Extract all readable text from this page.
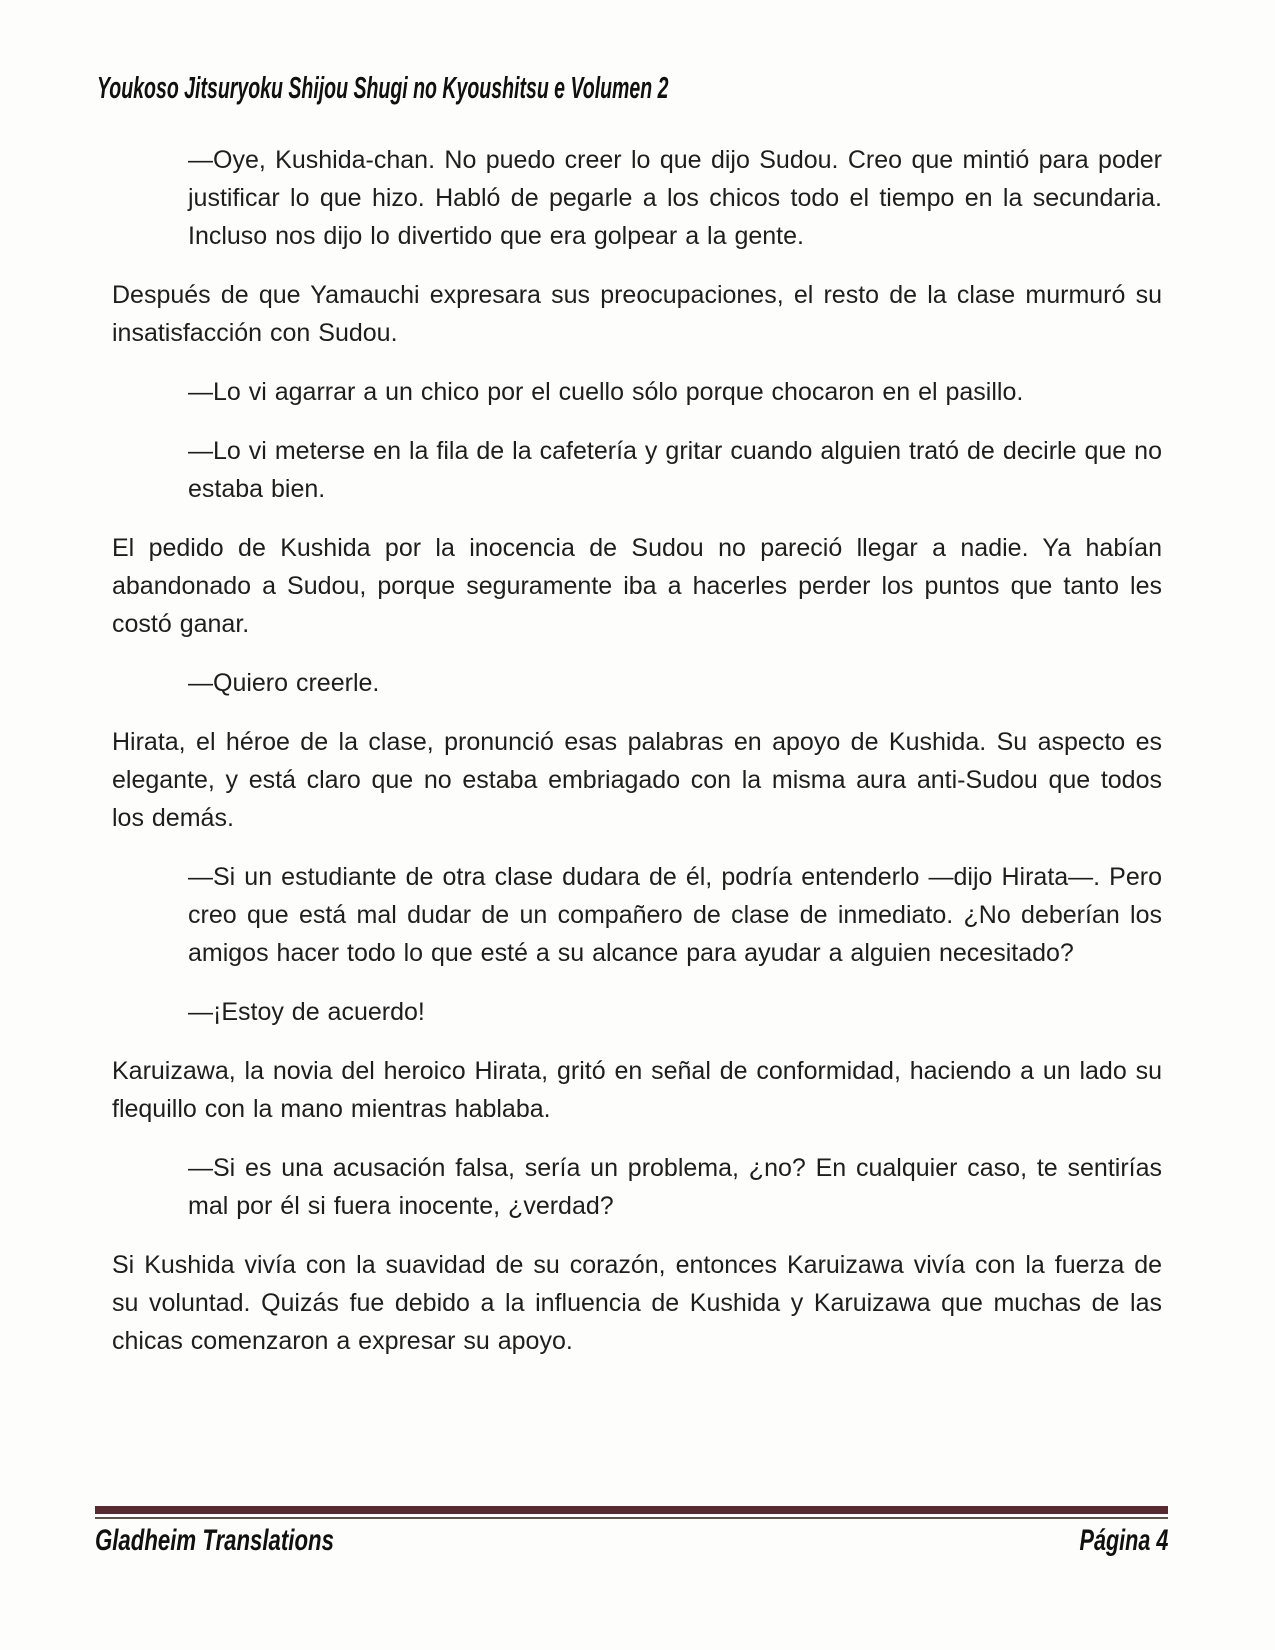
Youkoso Jitsuryoku Shijou Shugi no Kyoushitsu e Volumen 2

—Oye, Kushida-chan. No puedo creer lo que dijo Sudou. Creo que mintió para poder justificar lo que hizo. Habló de pegarle a los chicos todo el tiempo en la secundaria. Incluso nos dijo lo divertido que era golpear a la gente.

Después de que Yamauchi expresara sus preocupaciones, el resto de la clase murmuró su insatisfacción con Sudou.

—Lo vi agarrar a un chico por el cuello sólo porque chocaron en el pasillo.

—Lo vi meterse en la fila de la cafetería y gritar cuando alguien trató de decirle que no estaba bien.

El pedido de Kushida por la inocencia de Sudou no pareció llegar a nadie. Ya habían abandonado a Sudou, porque seguramente iba a hacerles perder los puntos que tanto les costó ganar.

—Quiero creerle.

Hirata, el héroe de la clase, pronunció esas palabras en apoyo de Kushida. Su aspecto es elegante, y está claro que no estaba embriagado con la misma aura anti-Sudou que todos los demás.

—Si un estudiante de otra clase dudara de él, podría entenderlo —dijo Hirata—. Pero creo que está mal dudar de un compañero de clase de inmediato. ¿No deberían los amigos hacer todo lo que esté a su alcance para ayudar a alguien necesitado?

—¡Estoy de acuerdo!

Karuizawa, la novia del heroico Hirata, gritó en señal de conformidad, haciendo a un lado su flequillo con la mano mientras hablaba.

—Si es una acusación falsa, sería un problema, ¿no? En cualquier caso, te sentirías mal por él si fuera inocente, ¿verdad?

Si Kushida vivía con la suavidad de su corazón, entonces Karuizawa vivía con la fuerza de su voluntad. Quizás fue debido a la influencia de Kushida y Karuizawa que muchas de las chicas comenzaron a expresar su apoyo.

Gladheim Translations	Página 4
